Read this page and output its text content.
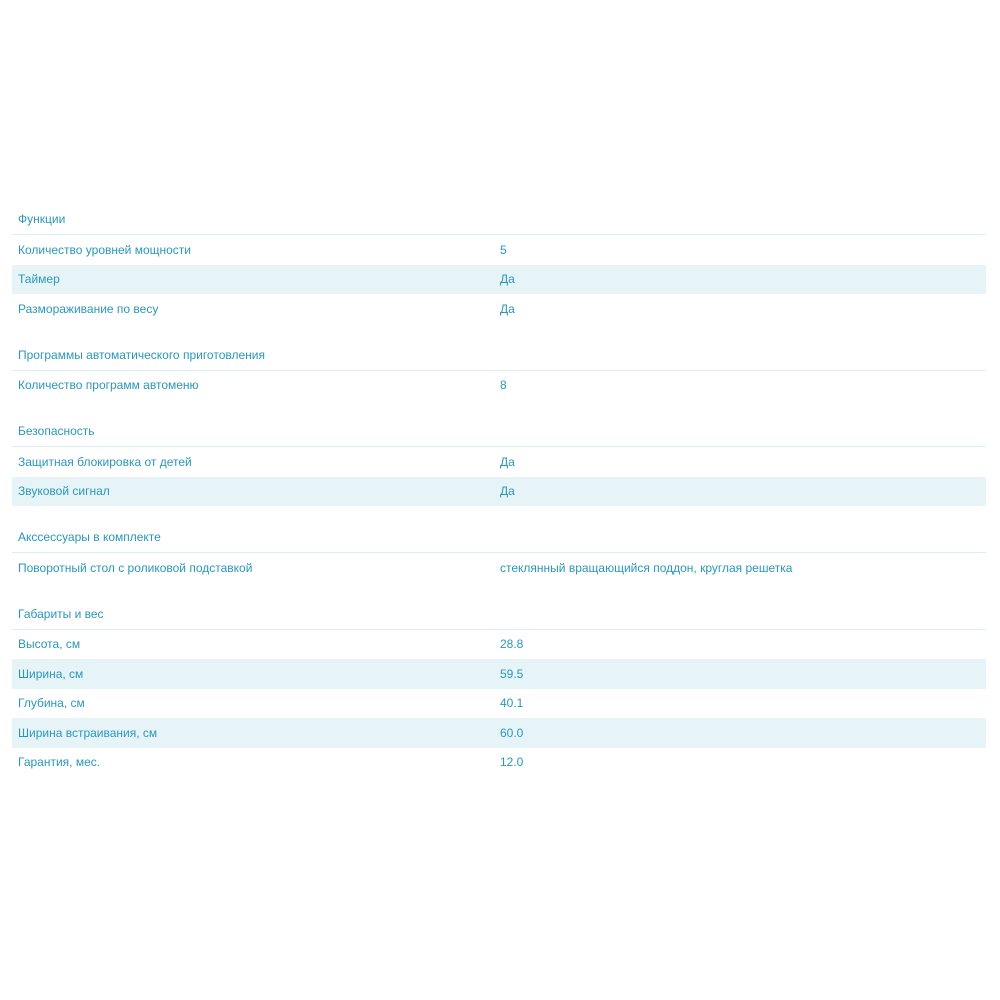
Функции
Количество уровней мощности	5
Таймер	Да
Размораживание по весу	Да
Программы автоматического приготовления
Количество программ автоменю	8
Безопасность
Защитная блокировка от детей	Да
Звуковой сигнал	Да
Акссессуары в комплекте
Поворотный стол с роликовой подставкой	стеклянный вращающийся поддон, круглая решетка
Габариты и вес
Высота, см	28.8
Ширина, см	59.5
Глубина, см	40.1
Ширина встраивания, см	60.0
Гарантия, мес.	12.0
